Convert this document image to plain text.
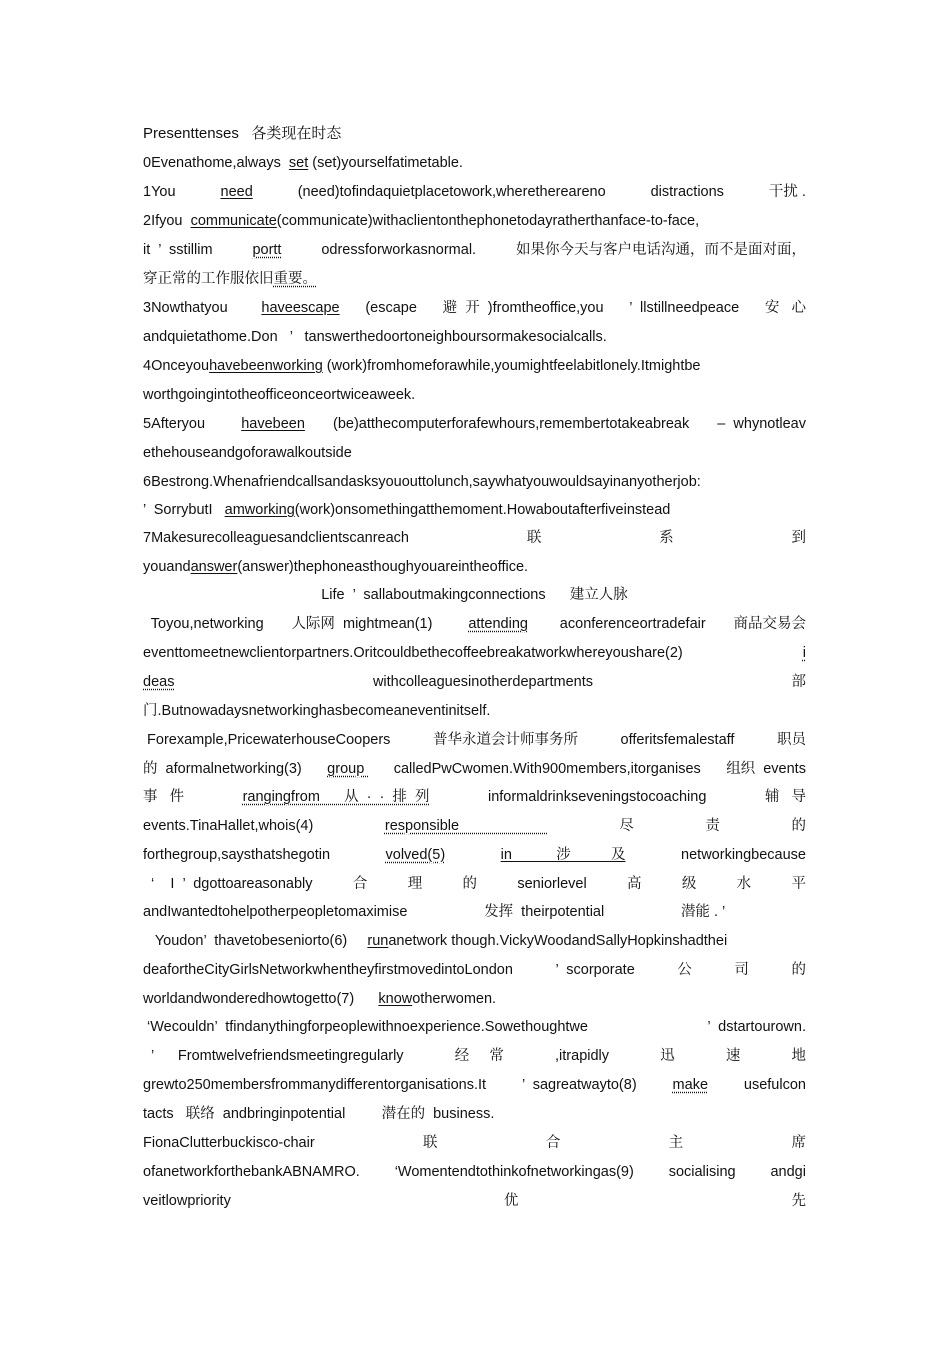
Presenttenses 各类现在时态
0Evenathome,always set (set)yourselfatimetable.
1You	need	(need)tofindaquietplacetowork,wherethereareno	distractions	干扰 .
2Ifyou communicate (communicate)withaclientonthephonetodayratherthanface-to-face,
it  ’  sstillim	portt	odressforworkasnormal.	如果你今天与客户电话沟通，而不是面对面，
穿正常的工作服依旧 重要。
3Nowthatyou haveescape (escape 避  开  )fromtheoffice,you ’  llstillneedpeace 安   心
andquietathome.Don   ’   tanswerthedoortoneighboursormakesocialcalls.
4Onceyou havebeenworking (work)fromhomeforawhile,youmightfeelabitlonely.Itmightbe
worthgoingintotheofficeonceortwiceaweek.
5Afteryou havebeen (be)atthecomputerforafewhours,remembertotakeabreak –  whynotleav
ethehouseandgoforawalkoutside
6Bestrong.Whenafriendcallsandasksyououttolunch,saywhatyouwouldsayinanyotherjob:
’  SorrybutI amworking (work)onsomethingatthemoment.Howaboutafterfiveinstead
7Makesurecolleaguesandclientscanreach	联	系	到
youand answer (answer)thephoneasthoughyouareintheoffice.
Life  ’  sallaboutmakingconnections      建立人脉
Toyou,networking 人际网  mightmean(1) attending aconferenceortradefair 商品交易会
eventtomeetnewclientorpartners.Oritcouldbethecoffeebreakatworkwhereyoushare(2)	i
deas	withcolleaguesinotherdepartments	部
门.Butnowadaysnetworkinghasbecomeaneventinitself.
Forexample,PricewaterhouseCoopers	普华永道会计师事务所	offeritsfemalestaff	职员
的  aformalnetworking(3) group calledPwCwomen.With900members,itorganises 组织  events
事   件	rangingfrom      从  ·  ·  排  列	informaldrinkseveningstocoaching	辅   导
events.TinaHallet,whois(4)	responsible	尽	责	的
forthegroup,saysthatshegotin	volved(5)	in           涉          及	networkingbecause
‘    I  ’  dgottoareasonably	合	理	的	seniorlevel	高	级	水	平
andIwantedtohelpotherpeopletomaximise	发挥  theirpotential	潜能 . ’

Youdon’  thavetobeseniorto(6) run anetwork though.VickyWoodandSallyHopkinshadthei
deafortheCityGirlsNetworkwhentheyfirstmovedintoLondon	’  scorporate	公	司	的
worldandwonderedhowtogetto(7) know otherwomen.
‘Wecouldn’  tfindanythingforpeoplewithnoexperience.Sowethoughtwe	’  dstartourown.
’      Fromtwelvefriendsmeetingregularly	经     常	,itrapidly	迅	速	地
grewto250membersfrommanydifferentorganisations.It ’  sagreatwayto(8) make usefulcon
tacts   联络  andbringinpotential         潜在的  business.
FionaClutterbuckisco-chair	联	合	主	席
ofanetworkforthebankABNAMRO. ‘Womentendtothinkofnetworkingas(9) socialising andgi
veitlowpriority	优	先
